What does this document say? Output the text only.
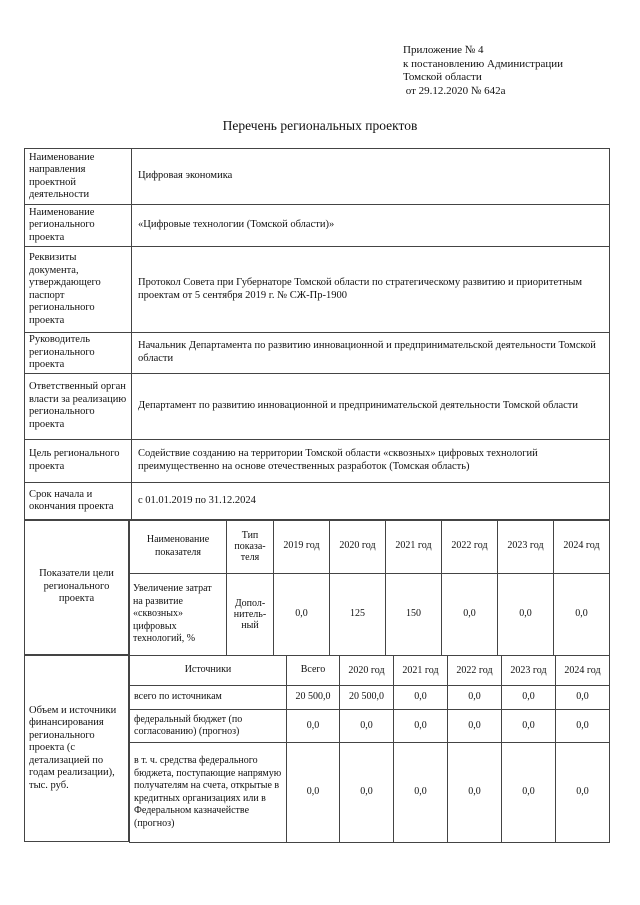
Приложение № 4
к постановлению Администрации
Томской области
от 29.12.2020 № 642а
Перечень региональных проектов
Наименование направления проектной деятельности	Цифровая экономика
Наименование регионального проекта	«Цифровые технологии (Томской области)»
Реквизиты документа, утверждающего паспорт регионального проекта	Протокол Совета при Губернаторе Томской области по стратегическому развитию и приоритетным проектам от 5 сентября 2019 г. № СЖ-Пр-1900
Руководитель регионального проекта	Начальник Департамента по развитию инновационной и предпринимательской деятельности Томской области
Ответственный орган власти за реализацию регионального проекта	Департамент по развитию инновационной и предпринимательской деятельности Томской области
Цель регионального проекта	Содействие созданию на территории Томской области «сквозных» цифровых технологий преимущественно на основе отечественных разработок (Томская область)
Срок начала и окончания проекта	с 01.01.2019 по 31.12.2024
Показатели цели регионального проекта
Наименование показателя	Тип показа-теля	2019 год	2020 год	2021 год	2022 год	2023 год	2024 год
Увеличение затрат на развитие «сквозных» цифровых технологий, %	Допол-нитель-ный	0,0	125	150	0,0	0,0	0,0
Объем и источники финансирования регионального проекта (с детализацией по годам реализации), тыс. руб.
Источники	Всего	2020 год	2021 год	2022 год	2023 год	2024 год
всего по источникам	20 500,0	20 500,0	0,0	0,0	0,0	0,0
федеральный бюджет (по согласованию) (прогноз)	0,0	0,0	0,0	0,0	0,0	0,0
в т. ч. средства федерального бюджета, поступающие напрямую получателям на счета, открытые в кредитных организациях или в Федеральном казначействе (прогноз)	0,0	0,0	0,0	0,0	0,0	0,0
